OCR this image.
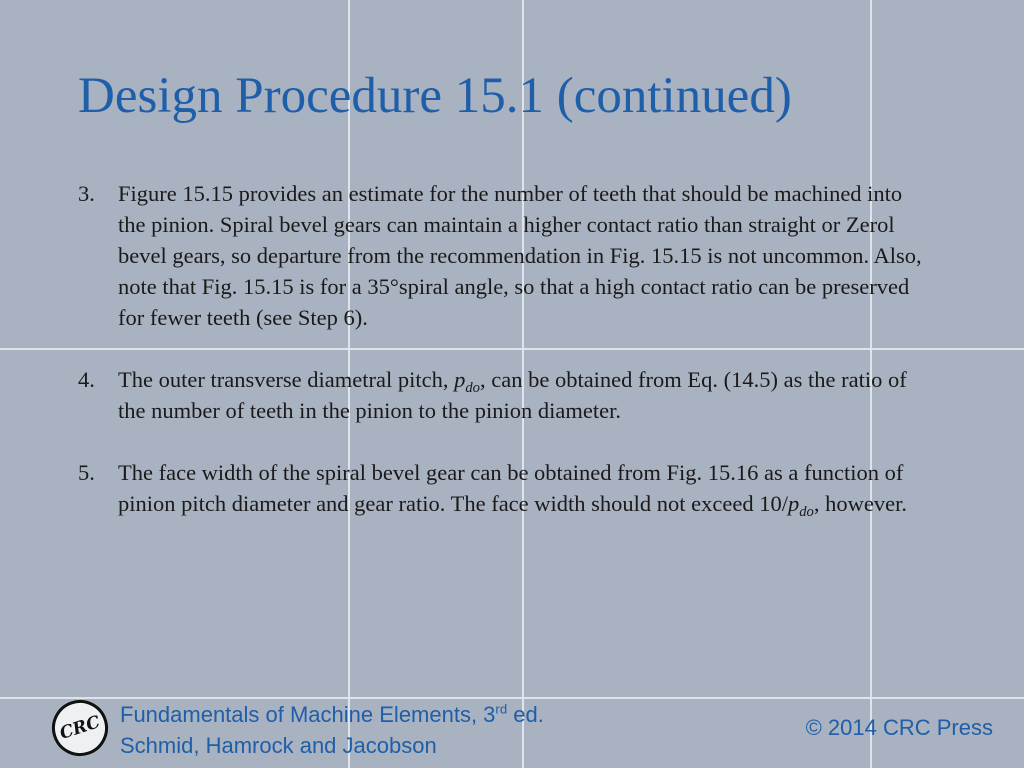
Design Procedure 15.1 (continued)
3.	Figure 15.15 provides an estimate for the number of teeth that should be machined into the pinion. Spiral bevel gears can maintain a higher contact ratio than straight or Zerol bevel gears, so departure from the recommendation in Fig. 15.15 is not uncommon. Also, note that Fig. 15.15 is for a 35°spiral angle, so that a high contact ratio can be preserved for fewer teeth (see Step 6).
4.	The outer transverse diametral pitch, $p_{do}$, can be obtained from Eq. (14.5) as the ratio of the number of teeth in the pinion to the pinion diameter.
5.	The face width of the spiral bevel gear can be obtained from Fig. 15.16 as a function of pinion pitch diameter and gear ratio. The face width should not exceed $10/p_{do}$, however.
CRC Fundamentals of Machine Elements, 3rd ed.
Schmid, Hamrock and Jacobson
© 2014 CRC Press
